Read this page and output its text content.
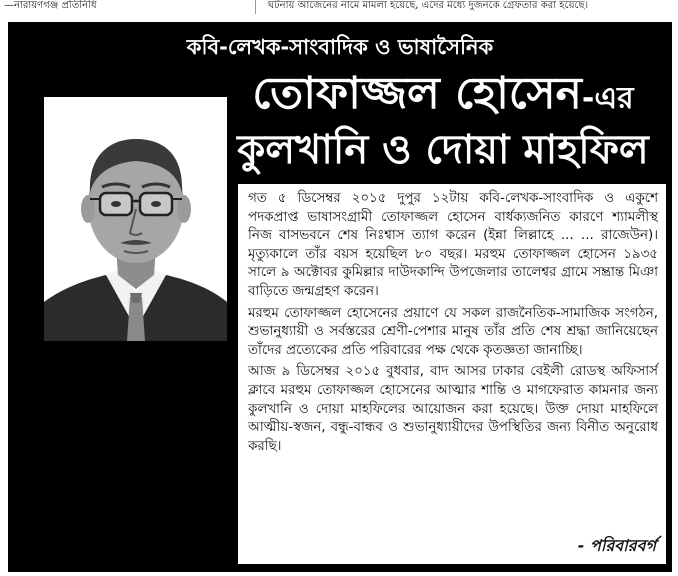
—নারায়ণগঞ্জ প্রতিনিধি	ঘটনায় আজেনের নামে মামলা হয়েছে, এদের মধ্যে দুজনকে গ্রেফতার করা হয়েছে।
কবি-লেখক-সাংবাদিক ও ভাষাসৈনিক
তোফাজ্জল হোসেন-এর
কুলখানি ও দোয়া মাহফিল

গত ৫ ডিসেম্বর ২০১৫ দুপুর ১২টায় কবি-লেখক-সাংবাদিক ও একুশে পদকপ্রাপ্ত ভাষাসংগ্রামী তোফাজ্জল হোসেন বার্ধক্যজনিত কারণে শ্যামলীস্থ নিজ বাসভবনে শেষ নিঃশ্বাস ত্যাগ করেন (ইন্না লিল্লাহে ... ... রাজেউন)। মৃত্যুকালে তাঁর বয়স হয়েছিল ৮০ বছর। মরহুম তোফাজ্জল হোসেন ১৯৩৫ সালে ৯ অক্টোবর কুমিল্লার দাউদকান্দি উপজেলার তালেশ্বর গ্রামে সম্ভ্রান্ত মিঞা বাড়িতে জন্মগ্রহণ করেন।

মরহুম তোফাজ্জল হোসেনের প্রয়াণে যে সকল রাজনৈতিক-সামাজিক সংগঠন, শুভানুধ্যায়ী ও সর্বস্তরের শ্রেণী-পেশার মানুষ তাঁর প্রতি শেষ শ্রদ্ধা জানিয়েছেন তাঁদের প্রত্যেকের প্রতি পরিবারের পক্ষ থেকে কৃতজ্ঞতা জানাচ্ছি।

আজ ৯ ডিসেম্বর ২০১৫ বুধবার, বাদ আসর ঢাকার বেইলী রোডস্থ অফিসার্স ক্লাবে মরহুম তোফাজ্জল হোসেনের আত্মার শান্তি ও মাগফেরাত কামনার জন্য কুলখানি ও দোয়া মাহফিলের আয়োজন করা হয়েছে। উক্ত দোয়া মাহফিলে আত্মীয়-স্বজন, বন্ধু-বান্ধব ও শুভানুধ্যায়ীদের উপস্থিতির জন্য বিনীত অনুরোধ করছি।

- পরিবারবর্গ
